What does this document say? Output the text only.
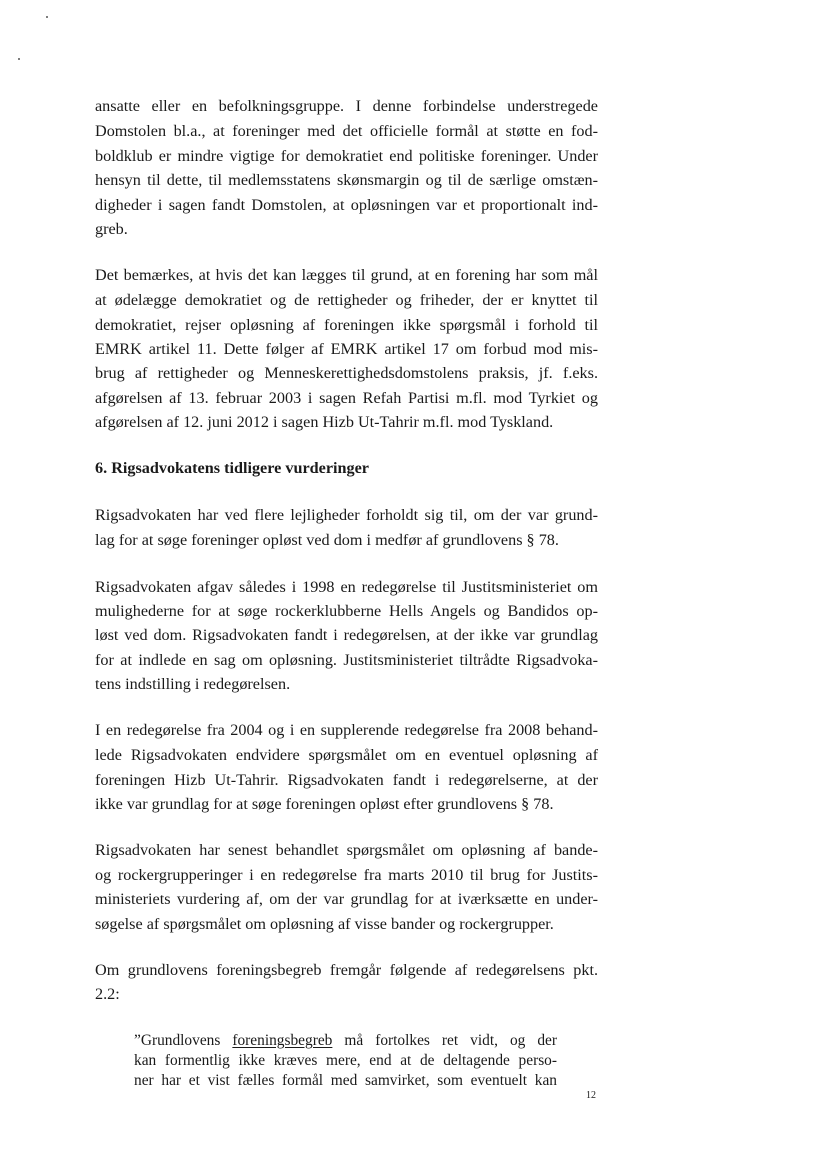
ansatte eller en befolkningsgruppe. I denne forbindelse understregede

Domstolen bl.a., at foreninger med det officielle formål at støtte en fod-

boldklub er mindre vigtige for demokratiet end politiske foreninger. Under

hensyn til dette, til medlemsstatens skønsmargin og til de særlige omstæn-

digheder i sagen fandt Domstolen, at opløsningen var et proportionalt ind-

greb.

Det bemærkes, at hvis det kan lægges til grund, at en forening har som mål

at ødelægge demokratiet og de rettigheder og friheder, der er knyttet til

demokratiet, rejser opløsning af foreningen ikke spørgsmål i forhold til

EMRK artikel 11. Dette følger af EMRK artikel 17 om forbud mod mis-

brug af rettigheder og Menneskerettighedsdomstolens praksis, jf. f.eks.

afgørelsen af 13. februar 2003 i sagen Refah Partisi m.fl. mod Tyrkiet og

afgørelsen af 12. juni 2012 i sagen Hizb Ut-Tahrir m.fl. mod Tyskland.

6. Rigsadvokatens tidligere vurderinger

Rigsadvokaten har ved flere lejligheder forholdt sig til, om der var grund-

lag for at søge foreninger opløst ved dom i medfør af grundlovens § 78.

Rigsadvokaten afgav således i 1998 en redegørelse til Justitsministeriet om

mulighederne for at søge rockerklubberne Hells Angels og Bandidos op-

løst ved dom. Rigsadvokaten fandt i redegørelsen, at der ikke var grundlag

for at indlede en sag om opløsning. Justitsministeriet tiltrådte Rigsadvoka-

tens indstilling i redegørelsen.

I en redegørelse fra 2004 og i en supplerende redegørelse fra 2008 behand-

lede Rigsadvokaten endvidere spørgsmålet om en eventuel opløsning af

foreningen Hizb Ut-Tahrir. Rigsadvokaten fandt i redegørelserne, at der

ikke var grundlag for at søge foreningen opløst efter grundlovens § 78.

Rigsadvokaten har senest behandlet spørgsmålet om opløsning af bande-

og rockergrupperinger i en redegørelse fra marts 2010 til brug for Justits-

ministeriets vurdering af, om der var grundlag for at iværksætte en under-

søgelse af spørgsmålet om opløsning af visse bander og rockergrupper.

Om grundlovens foreningsbegreb fremgår følgende af redegørelsens pkt.

2.2:

”Grundlovens foreningsbegreb må fortolkes ret vidt, og der

kan formentlig ikke kræves mere, end at de deltagende perso-

ner har et vist fælles formål med samvirket, som eventuelt kan

12
